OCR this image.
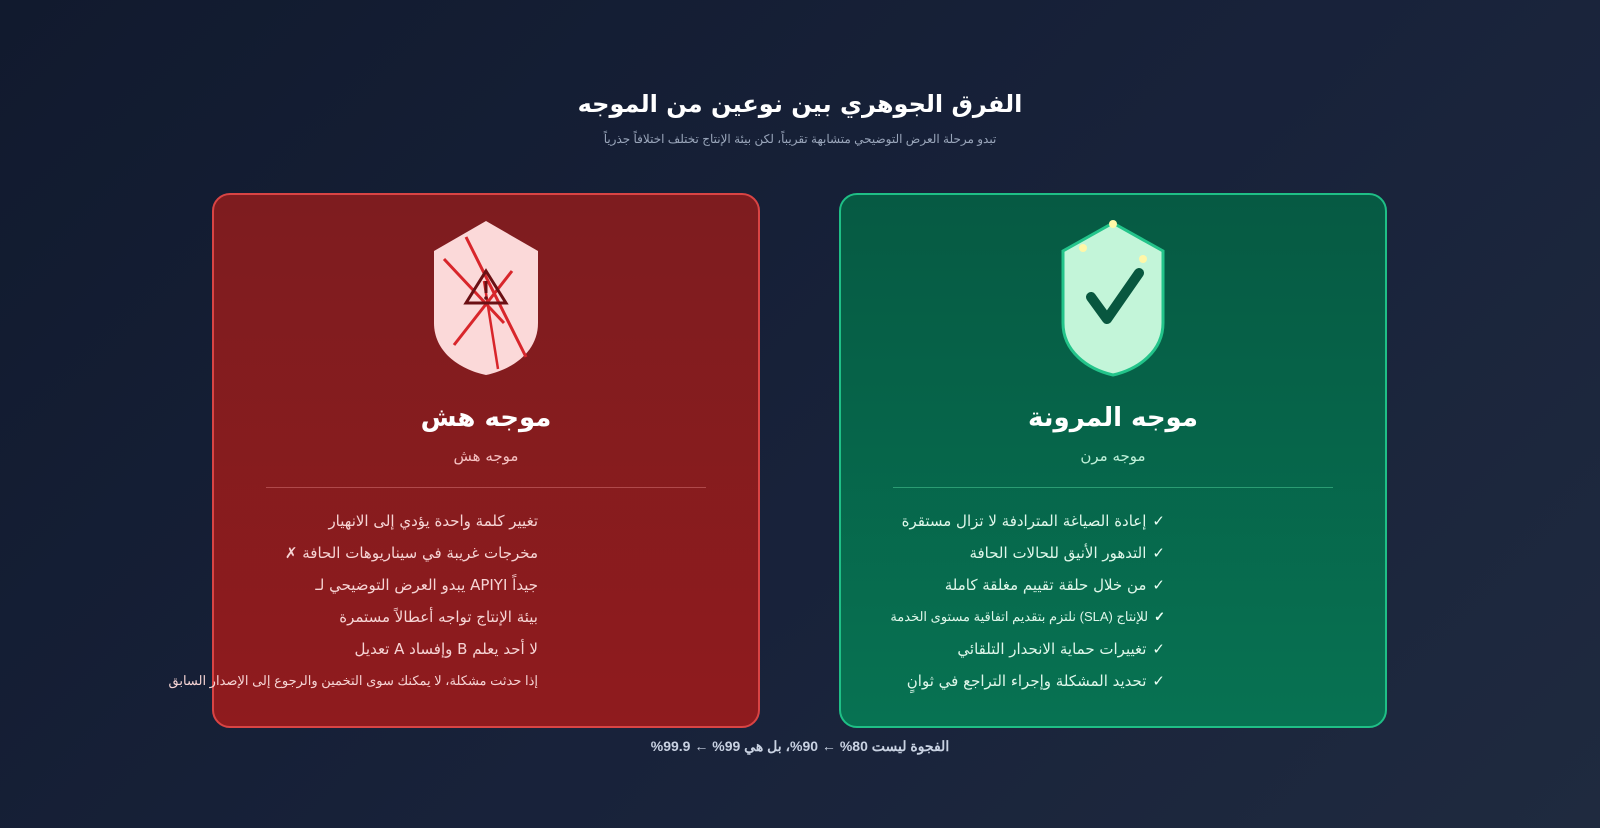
الفرق الجوهري بين نوعين من الموجه
تبدو مرحلة العرض التوضيحي متشابهة تقريباً، لكن بيئة الإنتاج تختلف اختلافاً جذرياً
موجه هش
موجه هش
تغيير كلمة واحدة يؤدي إلى الانهيار
مخرجات غريبة في سيناريوهات الحافة ✗
جيداً APIYI يبدو العرض التوضيحي لـ
بيئة الإنتاج تواجه أعطالاً مستمرة
لا أحد يعلم B وإفساد A تعديل
إذا حدثت مشكلة، لا يمكنك سوى التخمين والرجوع إلى الإصدار السابق
موجه المرونة
موجه مرن
✓إعادة الصياغة المترادفة لا تزال مستقرة
✓التدهور الأنيق للحالات الحافة
✓من خلال حلقة تقييم مغلقة كاملة
✓للإنتاج (SLA) نلتزم بتقديم اتفاقية مستوى الخدمة
✓تغييرات حماية الانحدار التلقائي
✓تحديد المشكلة وإجراء التراجع في ثوانٍ
%الفجوة ليست 80% ← 90%، بل هي 99% ← 99.9
